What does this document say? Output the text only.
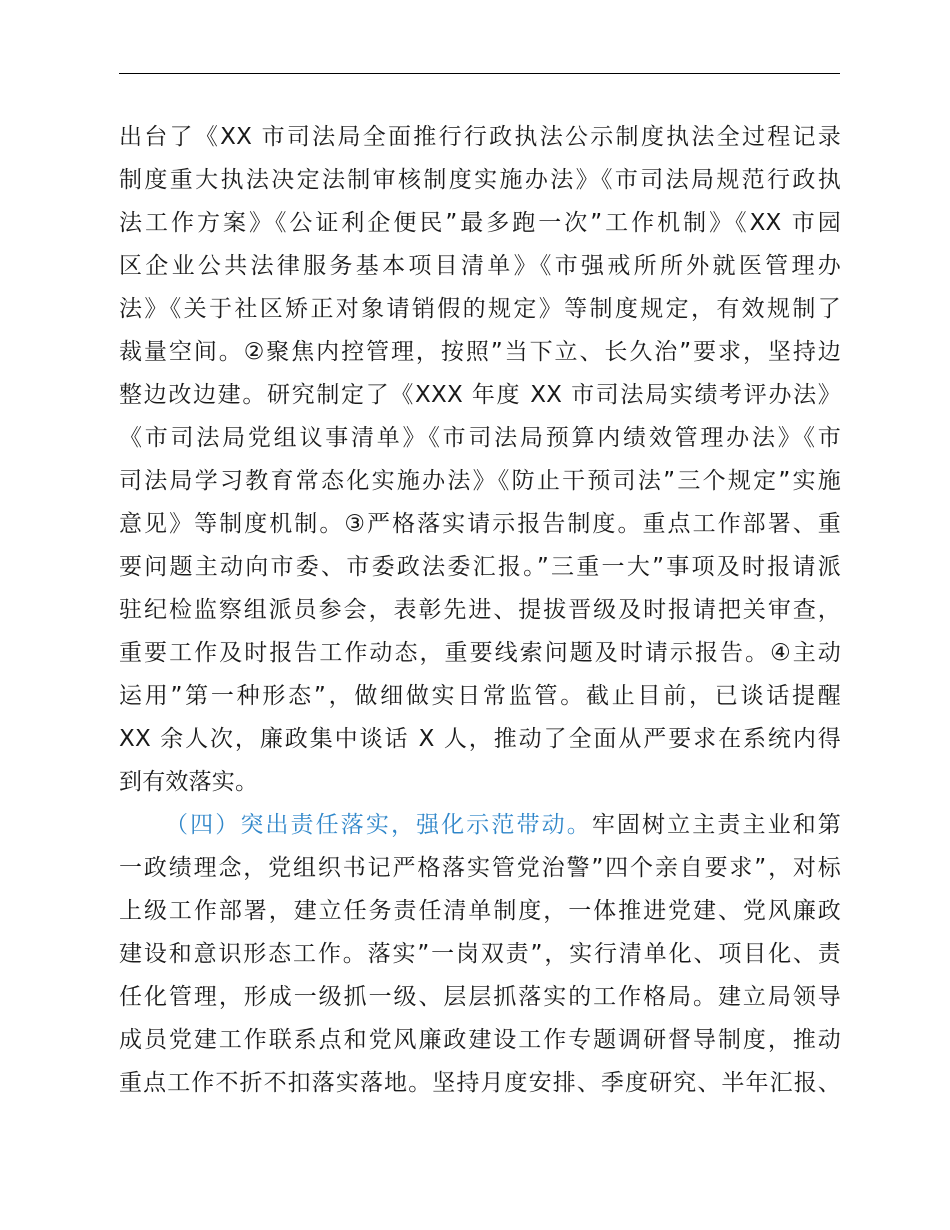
出台了《XX 市司法局全面推行行政执法公示制度执法全过程记录
制度重大执法决定法制审核制度实施办法》《市司法局规范行政执
法工作方案》《公证利企便民”最多跑一次”工作机制》《XX 市园
区企业公共法律服务基本项目清单》《市强戒所所外就医管理办
法》《关于社区矫正对象请销假的规定》等制度规定，有效规制了
裁量空间。②聚焦内控管理，按照”当下立、长久治”要求，坚持边
整边改边建。研究制定了《XXX 年度 XX 市司法局实绩考评办法》
《市司法局党组议事清单》《市司法局预算内绩效管理办法》《市
司法局学习教育常态化实施办法》《防止干预司法”三个规定”实施
意见》等制度机制。③严格落实请示报告制度。重点工作部署、重
要问题主动向市委、市委政法委汇报。”三重一大”事项及时报请派
驻纪检监察组派员参会，表彰先进、提拔晋级及时报请把关审查，
重要工作及时报告工作动态，重要线索问题及时请示报告。④主动
运用”第一种形态”，做细做实日常监管。截止目前，已谈话提醒
XX 余人次，廉政集中谈话 X 人，推动了全面从严要求在系统内得
到有效落实。
（四）突出责任落实，强化示范带动。牢固树立主责主业和第
一政绩理念，党组织书记严格落实管党治警”四个亲自要求”，对标
上级工作部署，建立任务责任清单制度，一体推进党建、党风廉政
建设和意识形态工作。落实”一岗双责”，实行清单化、项目化、责
任化管理，形成一级抓一级、层层抓落实的工作格局。建立局领导
成员党建工作联系点和党风廉政建设工作专题调研督导制度，推动
重点工作不折不扣落实落地。坚持月度安排、季度研究、半年汇报、
